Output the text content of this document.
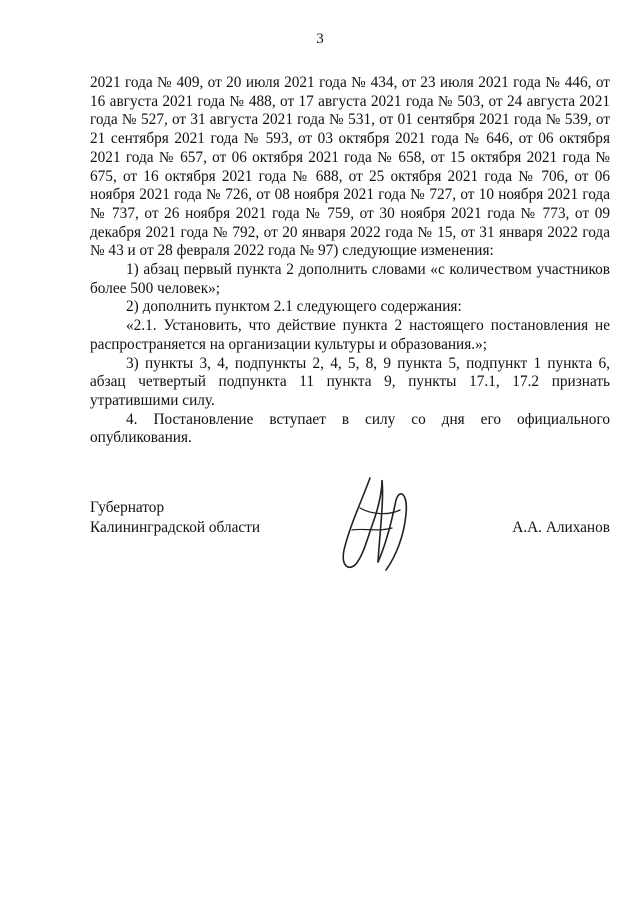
3

2021 года № 409, от 20 июля 2021 года № 434, от 23 июля 2021 года № 446, от 16 августа 2021 года № 488, от 17 августа 2021 года № 503, от 24 августа 2021 года № 527, от 31 августа 2021 года № 531, от 01 сентября 2021 года № 539, от 21 сентября 2021 года № 593, от 03 октября 2021 года № 646, от 06 октября 2021 года № 657, от 06 октября 2021 года № 658, от 15 октября 2021 года № 675, от 16 октября 2021 года № 688, от 25 октября 2021 года № 706, от 06 ноября 2021 года № 726, от 08 ноября 2021 года № 727, от 10 ноября 2021 года № 737, от 26 ноября 2021 года № 759, от 30 ноября 2021 года № 773, от 09 декабря 2021 года № 792, от 20 января 2022 года № 15, от 31 января 2022 года № 43 и от 28 февраля 2022 года № 97) следующие изменения:

1) абзац первый пункта 2 дополнить словами «с количеством участников более 500 человек»;

2) дополнить пунктом 2.1 следующего содержания:

«2.1. Установить, что действие пункта 2 настоящего постановления не распространяется на организации культуры и образования.»;

3) пункты 3, 4, подпункты 2, 4, 5, 8, 9 пункта 5, подпункт 1 пункта 6, абзац четвертый подпункта 11 пункта 9, пункты 17.1, 17.2 признать утратившими силу.

4. Постановление вступает в силу со дня его официального опубликования.

Губернатор
Калининградской области	А.А. Алиханов
